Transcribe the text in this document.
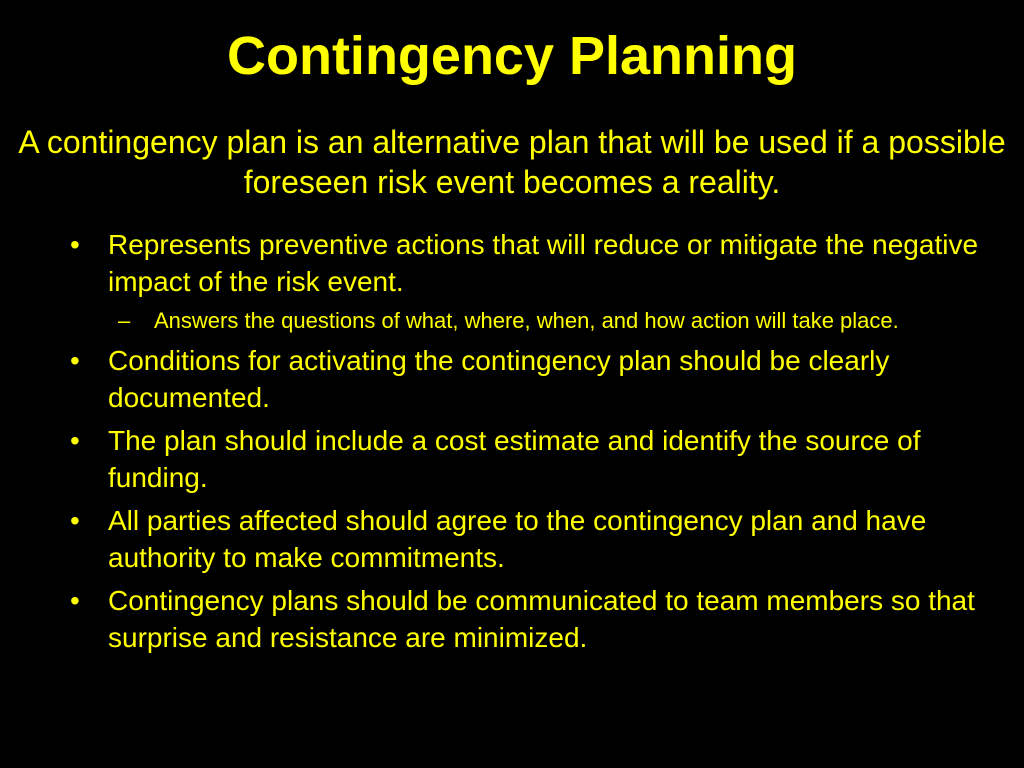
Contingency Planning

A contingency plan is an alternative plan that will be used if a possible foreseen risk event becomes a reality.

•	Represents preventive actions that will reduce or mitigate the negative impact of the risk event.
–	Answers the questions of what, where, when, and how action will take place.
•	Conditions for activating the contingency plan should be clearly documented.
•	The plan should include a cost estimate and identify the source of funding.
•	All parties affected should agree to the contingency plan and have authority to make commitments.
•	Contingency plans should be communicated to team members so that surprise and resistance are minimized.
